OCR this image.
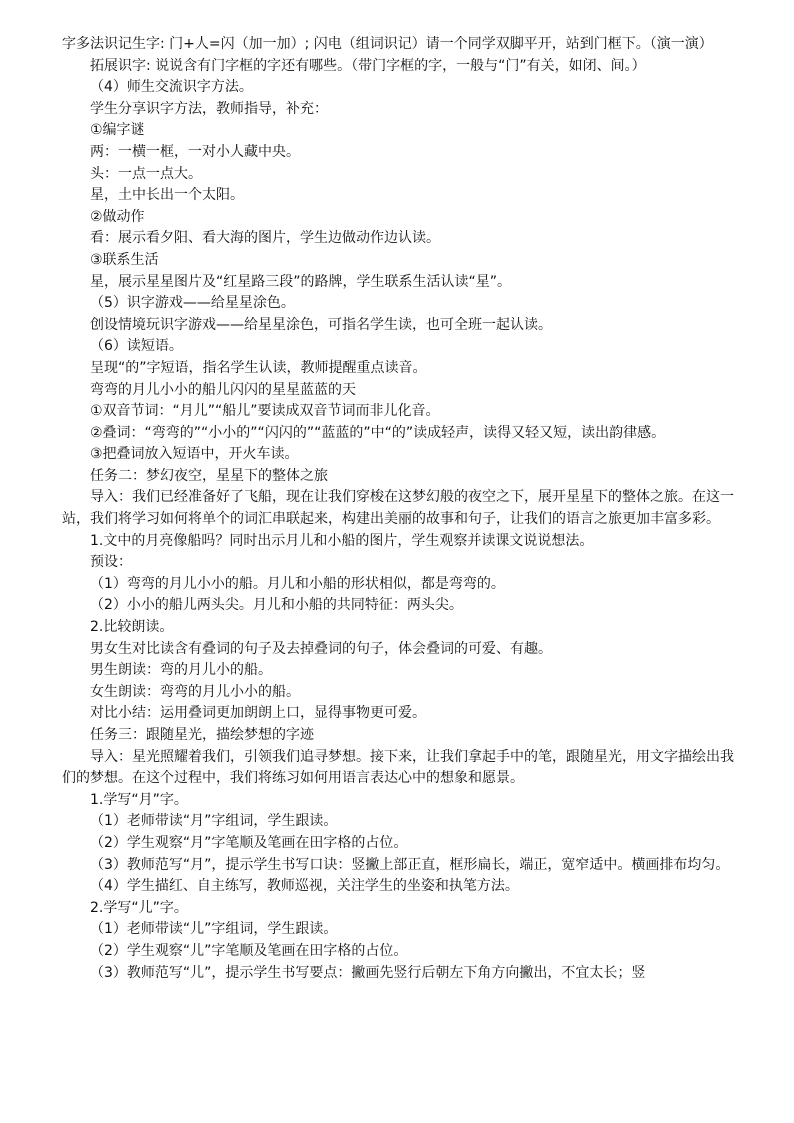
字多法识记生字: 门+人=闪（加一加）; 闪电（组词识记）请一个同学双脚平开，站到门框下。（演一演）

拓展识字: 说说含有门字框的字还有哪些。（带门字框的字，一般与“门”有关，如闭、间。）

（4）师生交流识字方法。

学生分享识字方法，教师指导，补充：

①编字谜

两：一横一框，一对小人藏中央。

头：一点一点大。

星，土中长出一个太阳。

②做动作

看：展示看夕阳、看大海的图片，学生边做动作边认读。

③联系生活

星，展示星星图片及“红星路三段”的路牌，学生联系生活认读“星”。

（5）识字游戏——给星星涂色。

创设情境玩识字游戏——给星星涂色，可指名学生读，也可全班一起认读。

（6）读短语。

呈现“的”字短语，指名学生认读，教师提醒重点读音。

弯弯的月儿小小的船儿闪闪的星星蓝蓝的天

①双音节词：“月儿”“船儿”要读成双音节词而非儿化音。

②叠词：“弯弯的”“小小的”“闪闪的”“蓝蓝的”中“的”读成轻声，读得又轻又短，读出韵律感。

③把叠词放入短语中，开火车读。

任务二：梦幻夜空，星星下的整体之旅

导入：我们已经准备好了飞船，现在让我们穿梭在这梦幻般的夜空之下，展开星星下的整体之旅。在这一站，我们将学习如何将单个的词汇串联起来，构建出美丽的故事和句子，让我们的语言之旅更加丰富多彩。

1.文中的月亮像船吗？同时出示月儿和小船的图片，学生观察并读课文说说想法。

预设：

（1）弯弯的月儿小小的船。月儿和小船的形状相似，都是弯弯的。

（2）小小的船儿两头尖。月儿和小船的共同特征：两头尖。

2.比较朗读。

男女生对比读含有叠词的句子及去掉叠词的句子，体会叠词的可爱、有趣。

男生朗读：弯的月儿小的船。

女生朗读：弯弯的月儿小小的船。

对比小结：运用叠词更加朗朗上口，显得事物更可爱。

任务三：跟随星光，描绘梦想的字迹

导入：星光照耀着我们，引领我们追寻梦想。接下来，让我们拿起手中的笔，跟随星光，用文字描绘出我们的梦想。在这个过程中，我们将练习如何用语言表达心中的想象和愿景。

1.学写“月”字。

（1）老师带读“月”字组词，学生跟读。

（2）学生观察“月”字笔顺及笔画在田字格的占位。

（3）教师范写“月”，提示学生书写口诀：竖撇上部正直，框形扁长，端正，宽窄适中。横画排布均匀。

（4）学生描红、自主练写，教师巡视，关注学生的坐姿和执笔方法。

2.学写“儿”字。

（1）老师带读“儿”字组词，学生跟读。

（2）学生观察“儿”字笔顺及笔画在田字格的占位。

（3）教师范写“儿”，提示学生书写要点：撇画先竖行后朝左下角方向撇出，不宜太长；竖
